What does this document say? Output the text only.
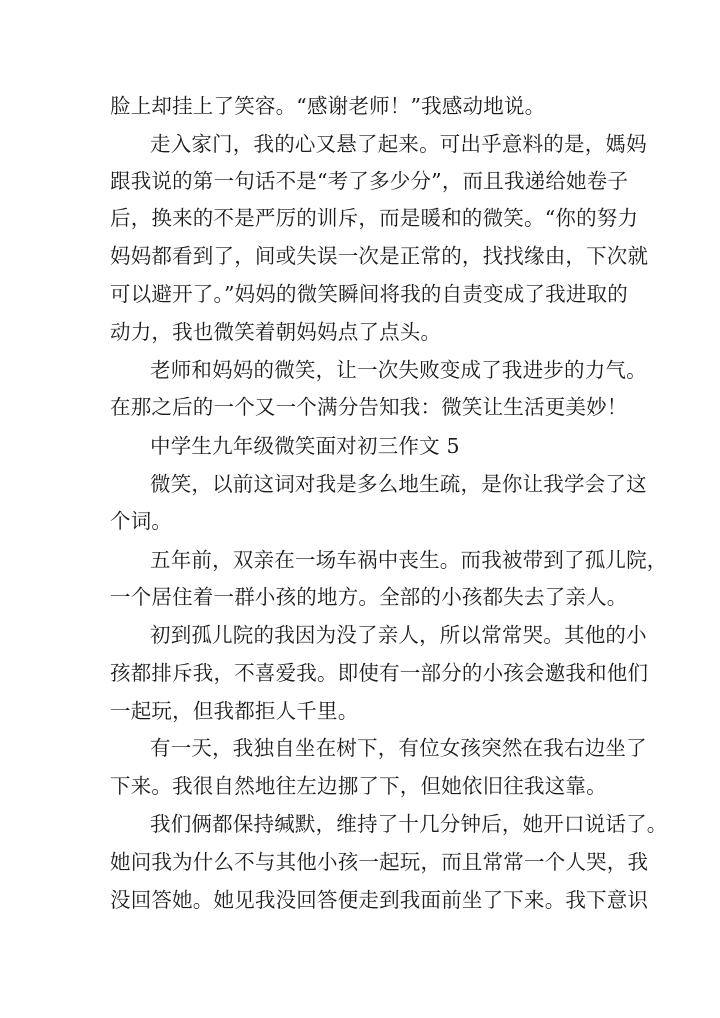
脸上却挂上了笑容。“感谢老师！”我感动地说。
走入家门，我的心又悬了起来。可出乎意料的是，媽妈
跟我说的第一句话不是“考了多少分”，而且我递给她卷子
后，换来的不是严厉的训斥，而是暖和的微笑。“你的努力
妈妈都看到了，间或失误一次是正常的，找找缘由，下次就
可以避开了。”妈妈的微笑瞬间将我的自责变成了我进取的
动力，我也微笑着朝妈妈点了点头。
老师和妈妈的微笑，让一次失败变成了我进步的力气。
在那之后的一个又一个满分告知我：微笑让生活更美妙！
中学生九年级微笑面对初三作文 5
微笑，以前这词对我是多么地生疏，是你让我学会了这
个词。
五年前，双亲在一场车祸中丧生。而我被带到了孤儿院，
一个居住着一群小孩的地方。全部的小孩都失去了亲人。
初到孤儿院的我因为没了亲人，所以常常哭。其他的小
孩都排斥我，不喜爱我。即使有一部分的小孩会邀我和他们
一起玩，但我都拒人千里。
有一天，我独自坐在树下，有位女孩突然在我右边坐了
下来。我很自然地往左边挪了下，但她依旧往我这靠。
我们俩都保持缄默，维持了十几分钟后，她开口说话了。
她问我为什么不与其他小孩一起玩，而且常常一个人哭，我
没回答她。她见我没回答便走到我面前坐了下来。我下意识
